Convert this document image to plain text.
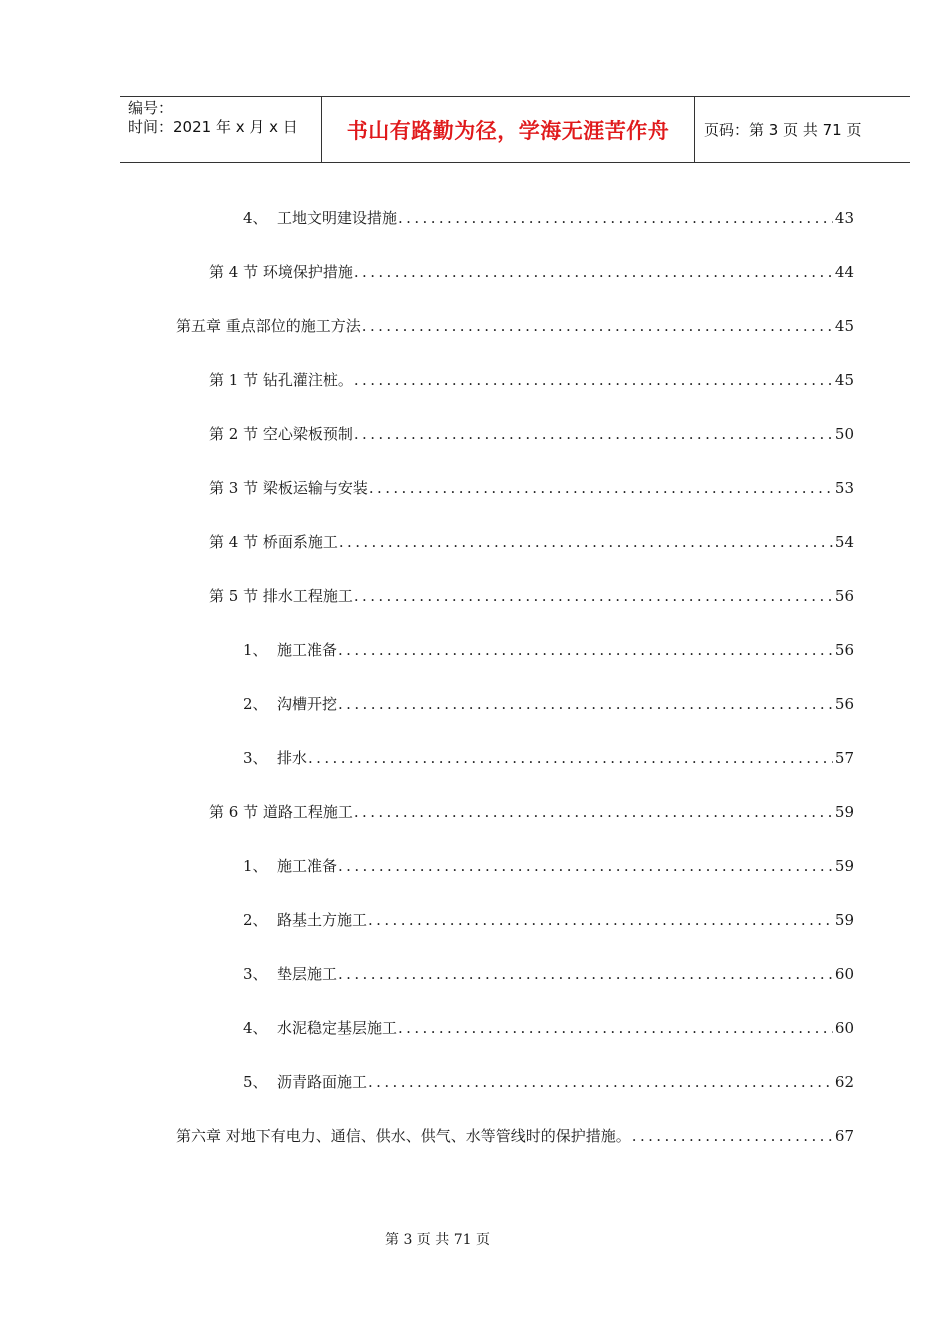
编号：
时间：2021 年 x 月 x 日	书山有路勤为径，学海无涯苦作舟	页码：第 3 页 共 71 页
4、 工地文明建设措施 .....	43
第 4 节 环境保护措施 .....	44
第五章 重点部位的施工方法 .....	45
第 1 节 钻孔灌注桩。 .....	45
第 2 节 空心梁板预制 .....	50
第 3 节 梁板运输与安装 .....	53
第 4 节 桥面系施工 .....	54
第 5 节 排水工程施工 .....	56
1、 施工准备 .....	56
2、 沟槽开挖 .....	56
3、 排水 .....	57
第 6 节 道路工程施工 .....	59
1、 施工准备 .....	59
2、 路基土方施工 .....	59
3、 垫层施工 .....	60
4、 水泥稳定基层施工 .....	60
5、 沥青路面施工 .....	62
第六章 对地下有电力、通信、供水、供气、水等管线时的保护措施。 .....	67
第 3 页 共 71 页
